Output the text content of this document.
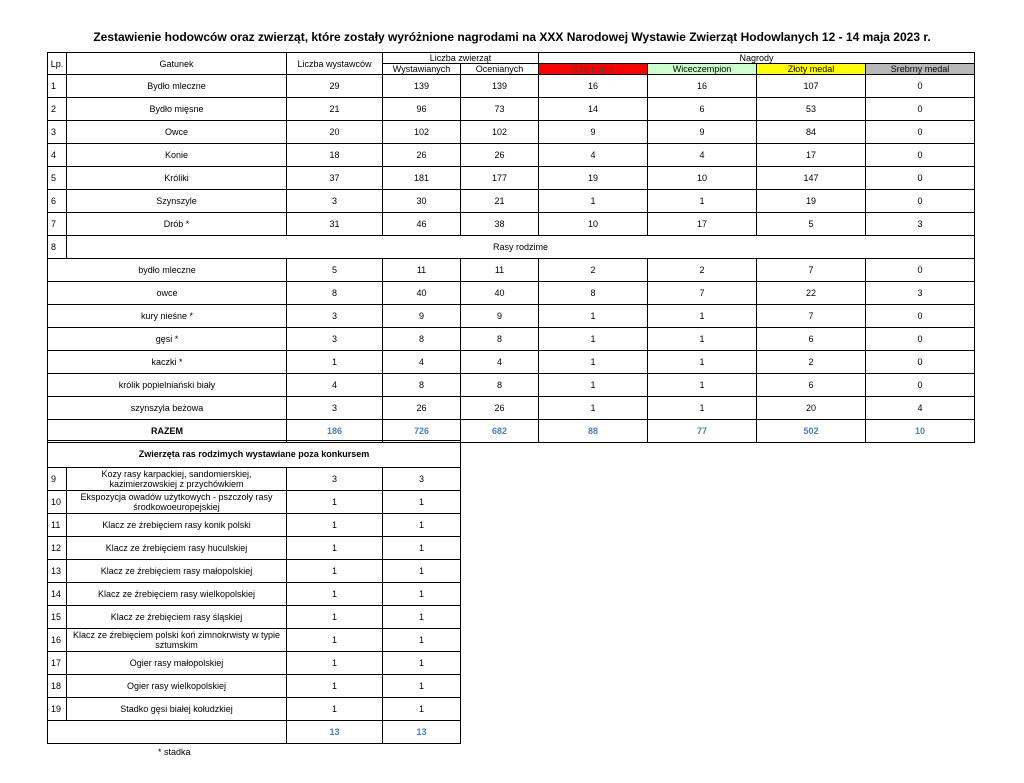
Zestawienie hodowców oraz zwierząt, które zostały wyróżnione nagrodami na XXX Narodowej Wystawie Zwierząt Hodowlanych 12 - 14 maja 2023 r.
Lp.	Gatunek	Liczba wystawców	Liczba zwierząt		Nagrody			
			Wystawianych	Ocenianych	Czempion	Wiceczempion	Złoty medal	Srebrny medal
1	Bydło mleczne	29	139	139	16	16	107	0
2	Bydło mięsne	21	96	73	14	6	53	0
3	Owce	20	102	102	9	9	84	0
4	Konie	18	26	26	4	4	17	0
5	Króliki	37	181	177	19	10	147	0
6	Szynszyle	3	30	21	1	1	19	0
7	Drób *	31	46	38	10	17	5	3
8	Rasy rodzime							
bydło mleczne		5	11	11	2	2	7	0
owce		8	40	40	8	7	22	3
kury nieśne *		3	9	9	1	1	7	0
gęsi *		3	8	8	1	1	6	0
kaczki *		1	4	4	1	1	2	0
królik popielniański biały		4	8	8	1	1	6	0
szynszyla beżowa		3	26	26	1	1	20	4
RAZEM		186	726	682	88	77	502	10
Zwierzęta ras rodzimych wystawiane poza konkursem			
9	Kozy rasy karpackiej, sandomierskiej, kazimierzowskiej z przychówkiem	3	3
10	Ekspozycja owadów użytkowych - pszczoły rasy środkowoeuropejskiej	1	1
11	Klacz ze źrebięciem rasy konik polski	1	1
12	Klacz ze źrebięciem rasy huculskiej	1	1
13	Klacz ze źrebięciem rasy małopolskiej	1	1
14	Klacz ze źrebięciem rasy wielkopolskiej	1	1
15	Klacz ze źrebięciem rasy śląskiej	1	1
16	Klacz ze źrebięciem polski koń zimnokrwisty w typie sztumskim	1	1
17	Ogier rasy małopolskiej	1	1
18	Ogier rasy wielkopolskiej	1	1
19	Stadko gęsi białej kołudzkiej	1	1
		13	13
* stadka
